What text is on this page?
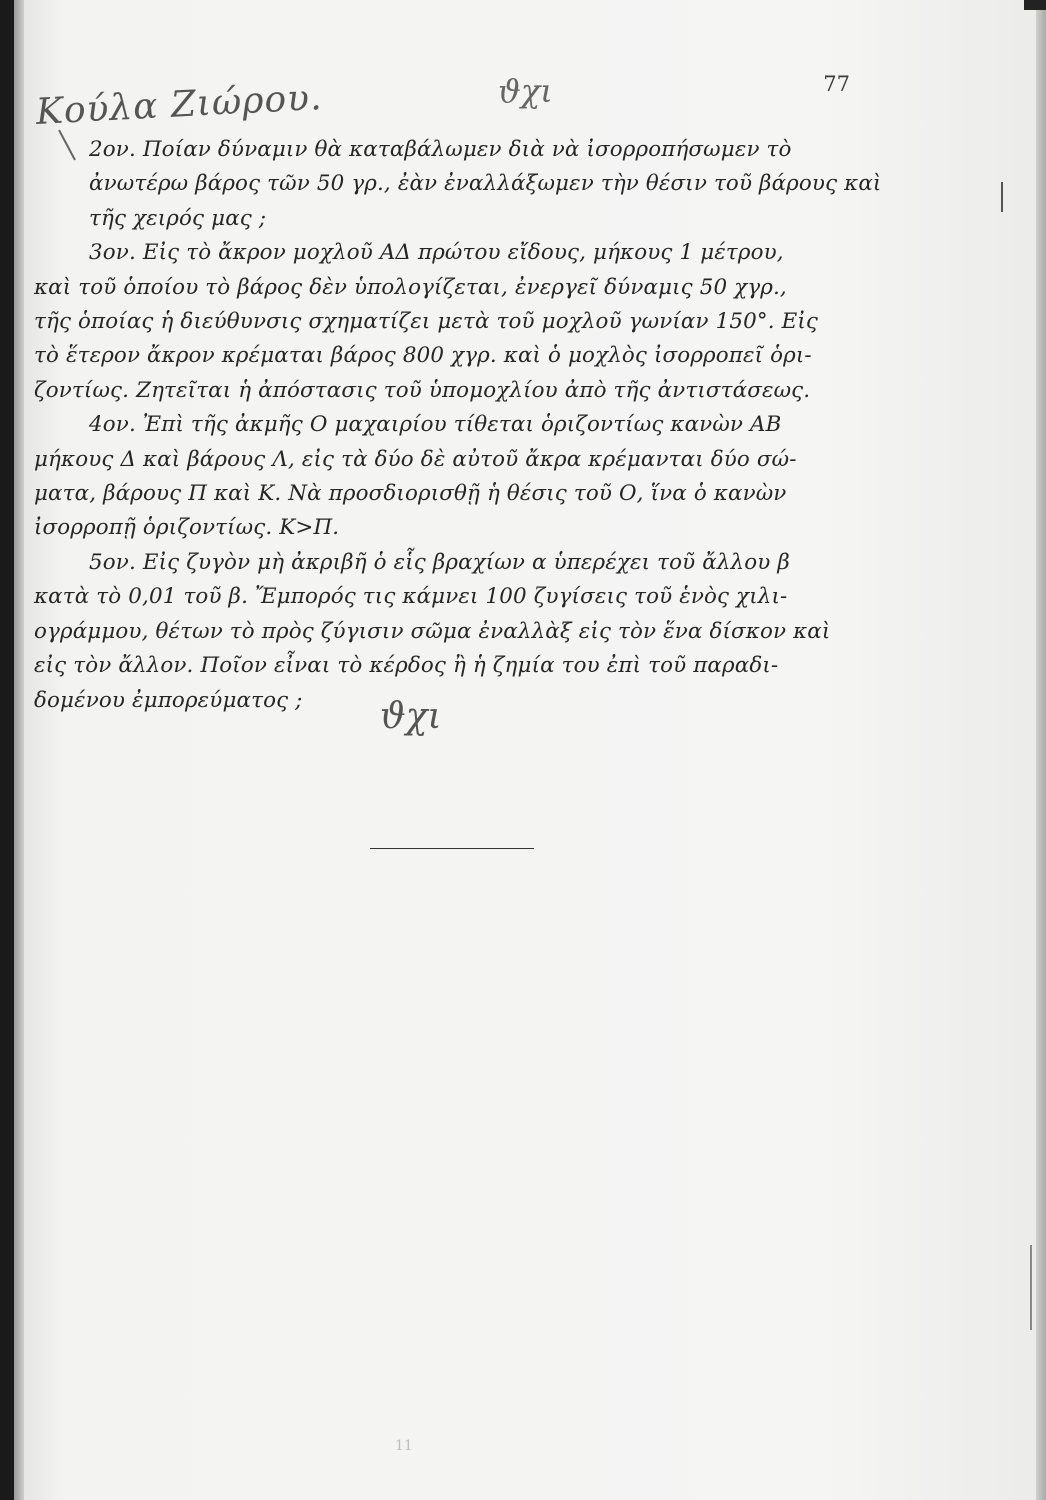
77
Κούλα Ζιώρου.	ϑχι
2ον. Ποίαν δύναμιν θὰ καταβάλωμεν διὰ νὰ ἰσορροπήσωμεν τὸ
ἀνωτέρω βάρος τῶν 50 γρ., ἐὰν ἐναλλάξωμεν τὴν θέσιν τοῦ βάρους καὶ
τῆς χειρός μας ;
3ον. Εἰς τὸ ἄκρον μοχλοῦ ΑΔ πρώτου εἴδους, μήκους 1 μέτρου,
καὶ τοῦ ὁποίου τὸ βάρος δὲν ὑπολογίζεται, ἐνεργεῖ δύναμις 50 χγρ.,
τῆς ὁποίας ἡ διεύθυνσις σχηματίζει μετὰ τοῦ μοχλοῦ γωνίαν 150°. Εἰς
τὸ ἕτερον ἄκρον κρέμαται βάρος 800 χγρ. καὶ ὁ μοχλὸς ἰσορροπεῖ ὁρι-
ζοντίως. Ζητεῖται ἡ ἀπόστασις τοῦ ὑπομοχλίου ἀπὸ τῆς ἀντιστάσεως.
4ον. Ἐπὶ τῆς ἀκμῆς Ο μαχαιρίου τίθεται ὁριζοντίως κανὼν ΑΒ
μήκους Δ καὶ βάρους Λ, εἰς τὰ δύο δὲ αὐτοῦ ἄκρα κρέμανται δύο σώ-
ματα, βάρους Π καὶ Κ. Νὰ προσδιορισθῇ ἡ θέσις τοῦ Ο, ἵνα ὁ κανὼν
ἰσορροπῇ ὁριζοντίως. Κ>Π.
5ον. Εἰς ζυγὸν μὴ ἀκριβῆ ὁ εἷς βραχίων α ὑπερέχει τοῦ ἄλλου β
κατὰ τὸ 0,01 τοῦ β. Ἔμπορός τις κάμνει 100 ζυγίσεις τοῦ ἑνὸς χιλι-
ογράμμου, θέτων τὸ πρὸς ζύγισιν σῶμα ἐναλλὰξ εἰς τὸν ἕνα δίσκον καὶ
εἰς τὸν ἄλλον. Ποῖον εἶναι τὸ κέρδος ἢ ἡ ζημία του ἐπὶ τοῦ παραδι-
δομένου ἐμπορεύματος ;	ϑχι
11
